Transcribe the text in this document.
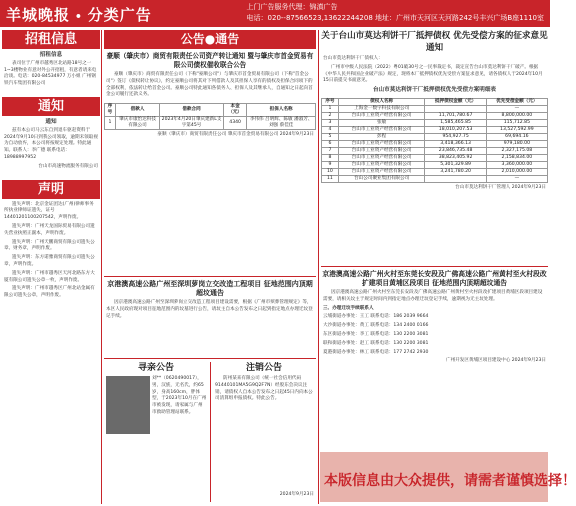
羊城晚报 • 分类广告	上门广告服务代理：锦滇广告
电话：020--87566523,13622244208 地址：广州市天河区天河路242号丰兴广场B座1110室
招租信息

招租信息

表司位于广州市越秀区北站路18号之一1~3楼物业有意对外公开招租，有意者请来电洽谈。电话：020-84534977 万小姐 广州钢铁汽车集团有限公司

通知

通知

兹有本公司马云东自到退车驱赶资料于2024年9月10日到我公司领取，逾期未领取视为自动放弃，本公司将按规定处理。特此通知。联系人：李广德 联系电话：18988997952

台山市高速物流服务有限公司

声明

遗失声明：北京金证团达(广州)律师事务所执业律师证遗失，证号14401201100207542，声明作废。

遗失声明：广州天龙国际贸易有限公司遗失营业执照正副本，声明作废。

遗失声明：广州天鹏商贸有限公司遗失公章、财务章，声明作废。

遗失声明：东方诺雅商贸有限公司遗失公章，声明作废。

遗失声明：广州市越秀区天河北路东方大厦有限公司遗失公章一枚，声明作废。

遗失声明：广州市越秀区广州北站金属有限公司遗失公章，声明作废。

公告●通告
豪顺（肇庆市）商贸有限责任公司资产转让通知 暨与肇庆市首金贸易有限公司债权催收联合公告

豪顺（肇庆市）商贸有限责任公司（下称"豪顺公司"）与肇庆市首金贸易有限公司（下称"首金公司"）签订《债权转让协议》，约定豪顺公司将其对下列借款人及其担保人享有的债权及担保合同项下的全部权利，依法转让给首金公司。豪顺公司特此通知各债务人、担保人及其继承人，自通知之日起向首金公司履行还款义务。

序号	借款人	借款合同	本金（元）	担保人名称
1	肇庆市康怡达科技有限公司	2023年4月20日肇庆建新L支字第45号	4340	李伟伟 吕明辉、陈敏 潘淑芳、刘强 蔡佳佳
豪顺（肇庆市）商贸有限责任公司 肇庆市首金贸易有限公司 2024年9月23日
京港澳高速公路广州至深圳萝岗立交改造工程项目 征地范围内顶期超坟通告

因京港澳高速公路广州至深圳萝岗立交改造工程项目建设需要，根据《广州市殡葬管理规定》等，本区人民政府现对项目征地范围内的坟墓进行公告，请坟主自本公告发布之日起到指定地点办理迁坟登记手续。

寻亲公告
刘**（0620490017），男，汉族，无名氏，约65岁，身高160cm，胖体型，于2023年10月在广州市被发现，请家属与广州市救助管理站联系。
注销公告

防州某来有限公司（统一社会信用代码 91440101MA5G9Q2F7N）经股东会决议注销，请债权人自本公告发布之日起45日内向本公司清算组申报债权。特此公告。

2024年9月23日
关于台山市莫达利饼干厂抵押债权 优先受偿方案的征求意见通知

台山市莫达利饼干厂债权人：

广州市中级人民法院（2022）粤01破30号之一民事裁定书，裁定宣告台山市莫达利饼干厂破产。根据《中华人民共和国企业破产法》规定，现将本厂抵押债权优先受偿方案征求意见，请各债权人于2024年10月15日前提交书面意见。

台山市莫达利饼干厂抵押债权优先受偿方案明细表

序号	债权人名称	抵押债权金额（元）	优先受偿金额（元）
1	上海金一数字科技有限公司		—
2	台山市工业资产经营有限公司	11,701,780.67	8,800,000.00
3	张敏	1,585,465.85	115,712.85
4	台山市工业资产经营有限公司	18,010,207.53	13,527,592.99
5	彭程	954,927.75	69,694.16
6	台山市工业资产经营有限公司	3,418,366.13	979,180.00
7	台山市工业资产经营有限公司	23,846,735.48	2,327,175.08
8	台山市工业资产经营有限公司	38,823,405.92	2,158,834.00
9	台山市工业资产经营有限公司	5,301,329.89	3,360,000.00
10	台山市工业资产经营有限公司	3,241,780.20	2,010,000.00
11	台山公司聚业集团有限公司		—
台山市莫达利饼干厂管理人 2024年9月23日
京港澳高速公路广州火村至东莞长安段及广佛高速公路广州黄村至火村段改扩建项目黄埔区段项目 征地范围内顶期超坟通告

因京港澳高速公路广州火村至东莞长安段及广佛高速公路广州黄村至火村段改扩建项目黄埔区段项目建设需要，请相关坟主于规定时间内到指定地点办理迁坟登记手续，逾期视为无主坟处理。

三、办理迁坟手续联系人

云埔街道办事处：王工 联系电话：186 2039 9664

大沙街道办事处：黄工 联系电话：134 2400 0166

东区街道办事处：李工 联系电话：130 2200 3081

联和街道办事处：赵工 联系电话：130 2200 3081

夏港街道办事处：林工 联系电话：177 2742 2930

广州开发区黄埔区项目建设中心 2024年9月23日

本版信息由大众提供，请需者谨慎选择！
